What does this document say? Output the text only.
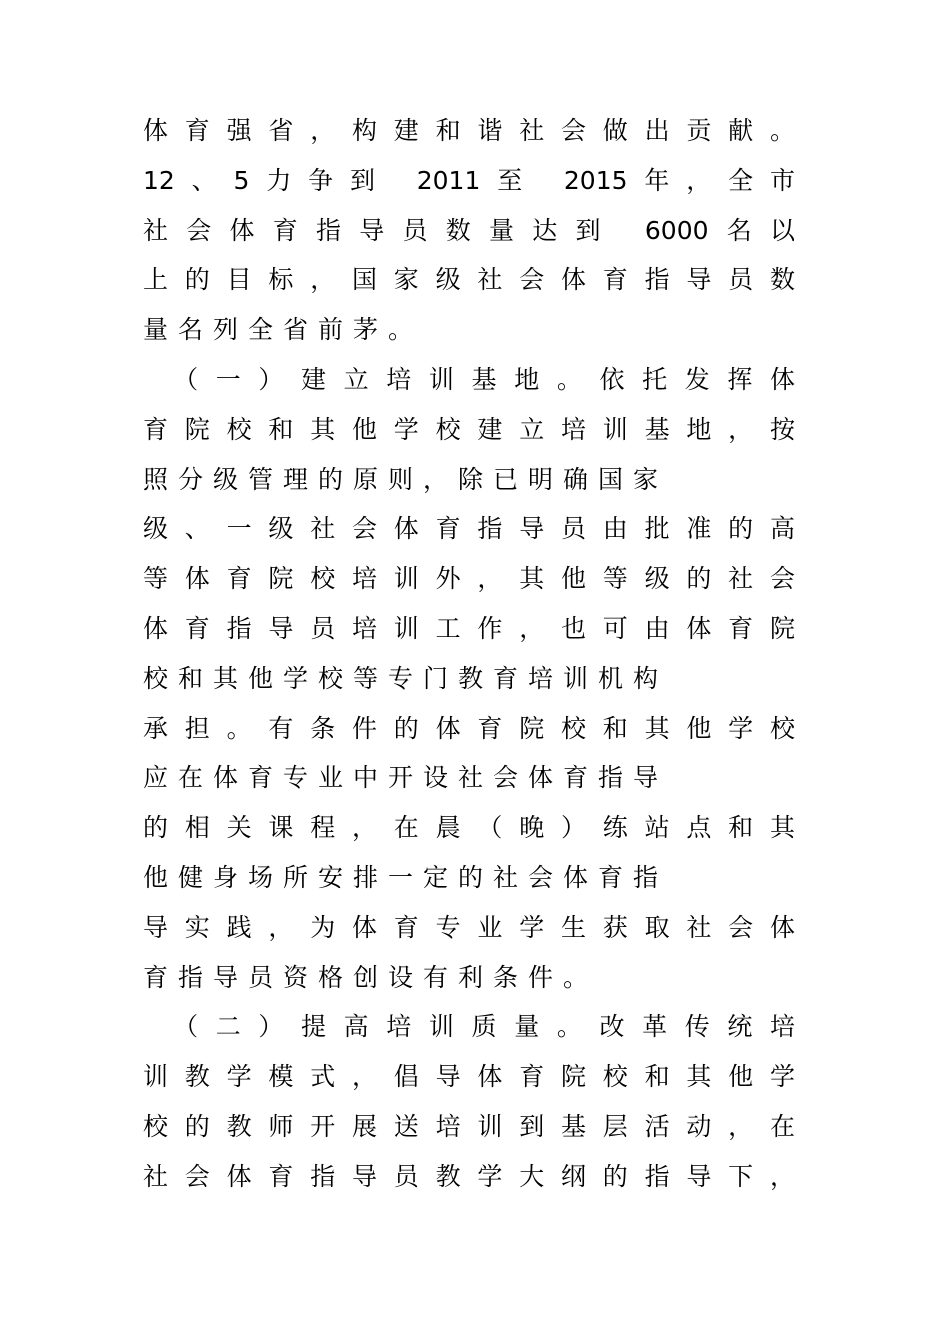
体育强省，构建和谐社会做出贡献。
12、5力争到 2011至 2015年，全市
社会体育指导员数量达到 6000名以
上的目标，国家级社会体育指导员数
量名列全省前茅。
　（一）建立培训基地。依托发挥体
育院校和其他学校建立培训基地，按
照分级管理的原则，除已明确国家
级、一级社会体育指导员由批准的高
等体育院校培训外，其他等级的社会
体育指导员培训工作，也可由体育院
校和其他学校等专门教育培训机构
承担。有条件的体育院校和其他学校
应在体育专业中开设社会体育指导
的相关课程，在晨（晚）练站点和其
他健身场所安排一定的社会体育指
导实践，为体育专业学生获取社会体
育指导员资格创设有利条件。
　（二）提高培训质量。改革传统培
训教学模式，倡导体育院校和其他学
校的教师开展送培训到基层活动，在
社会体育指导员教学大纲的指导下，
